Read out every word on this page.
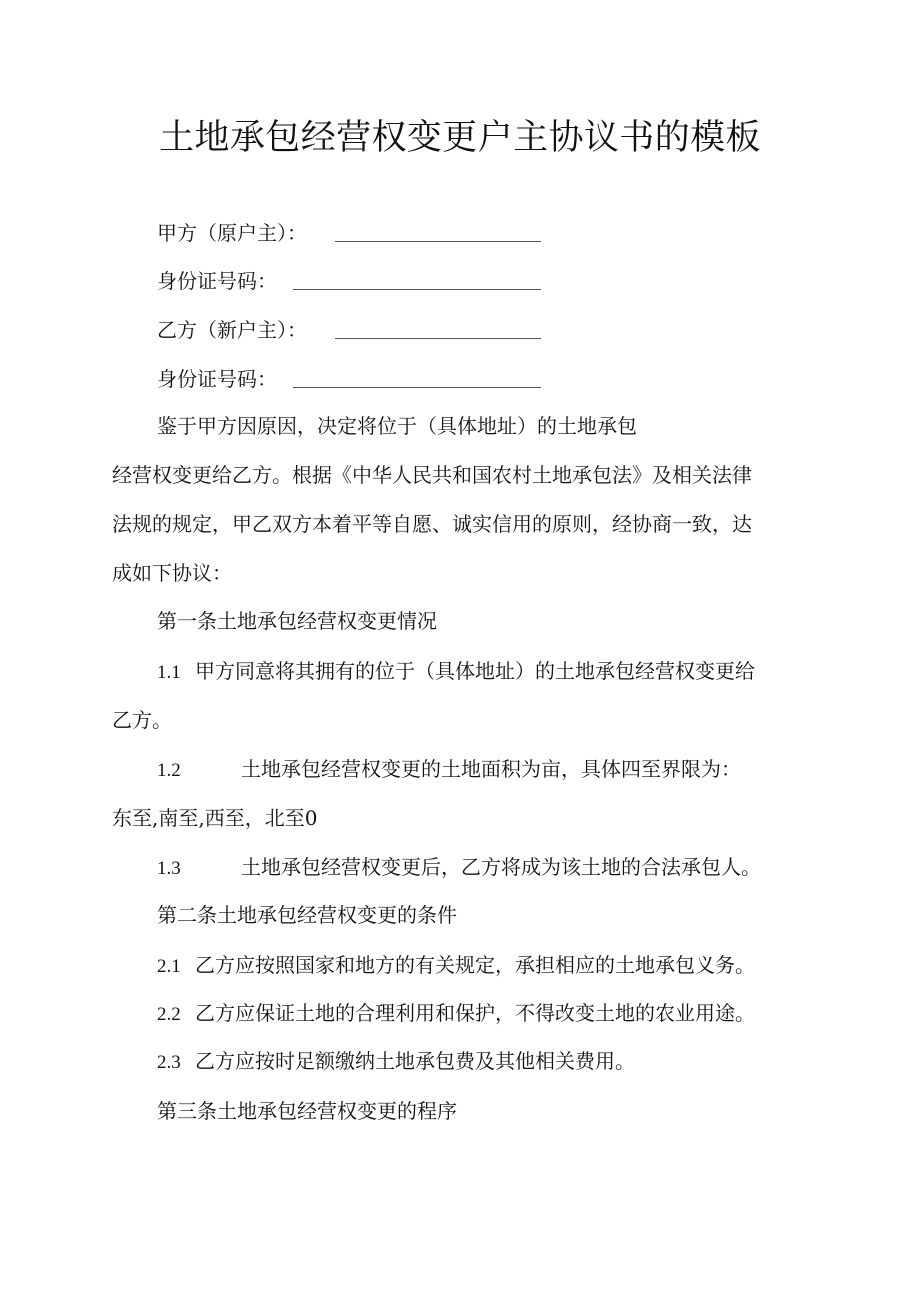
土地承包经营权变更户主协议书的模板
甲方（原户主）：
身份证号码：
乙方（新户主）：
身份证号码：
鉴于甲方因原因，决定将位于（具体地址）的土地承包
经营权变更给乙方。根据《中华人民共和国农村土地承包法》及相关法律
法规的规定，甲乙双方本着平等自愿、诚实信用的原则，经协商一致，达
成如下协议：
第一条土地承包经营权变更情况
1.1 甲方同意将其拥有的位于（具体地址）的土地承包经营权变更给
乙方。
1.2	土地承包经营权变更的土地面积为亩，具体四至界限为：
东至,南至,西至，北至0
1.3	土地承包经营权变更后，乙方将成为该土地的合法承包人。
第二条土地承包经营权变更的条件
2.1 乙方应按照国家和地方的有关规定，承担相应的土地承包义务。
2.2 乙方应保证土地的合理利用和保护，不得改变土地的农业用途。
2.3 乙方应按时足额缴纳土地承包费及其他相关费用。
第三条土地承包经营权变更的程序
